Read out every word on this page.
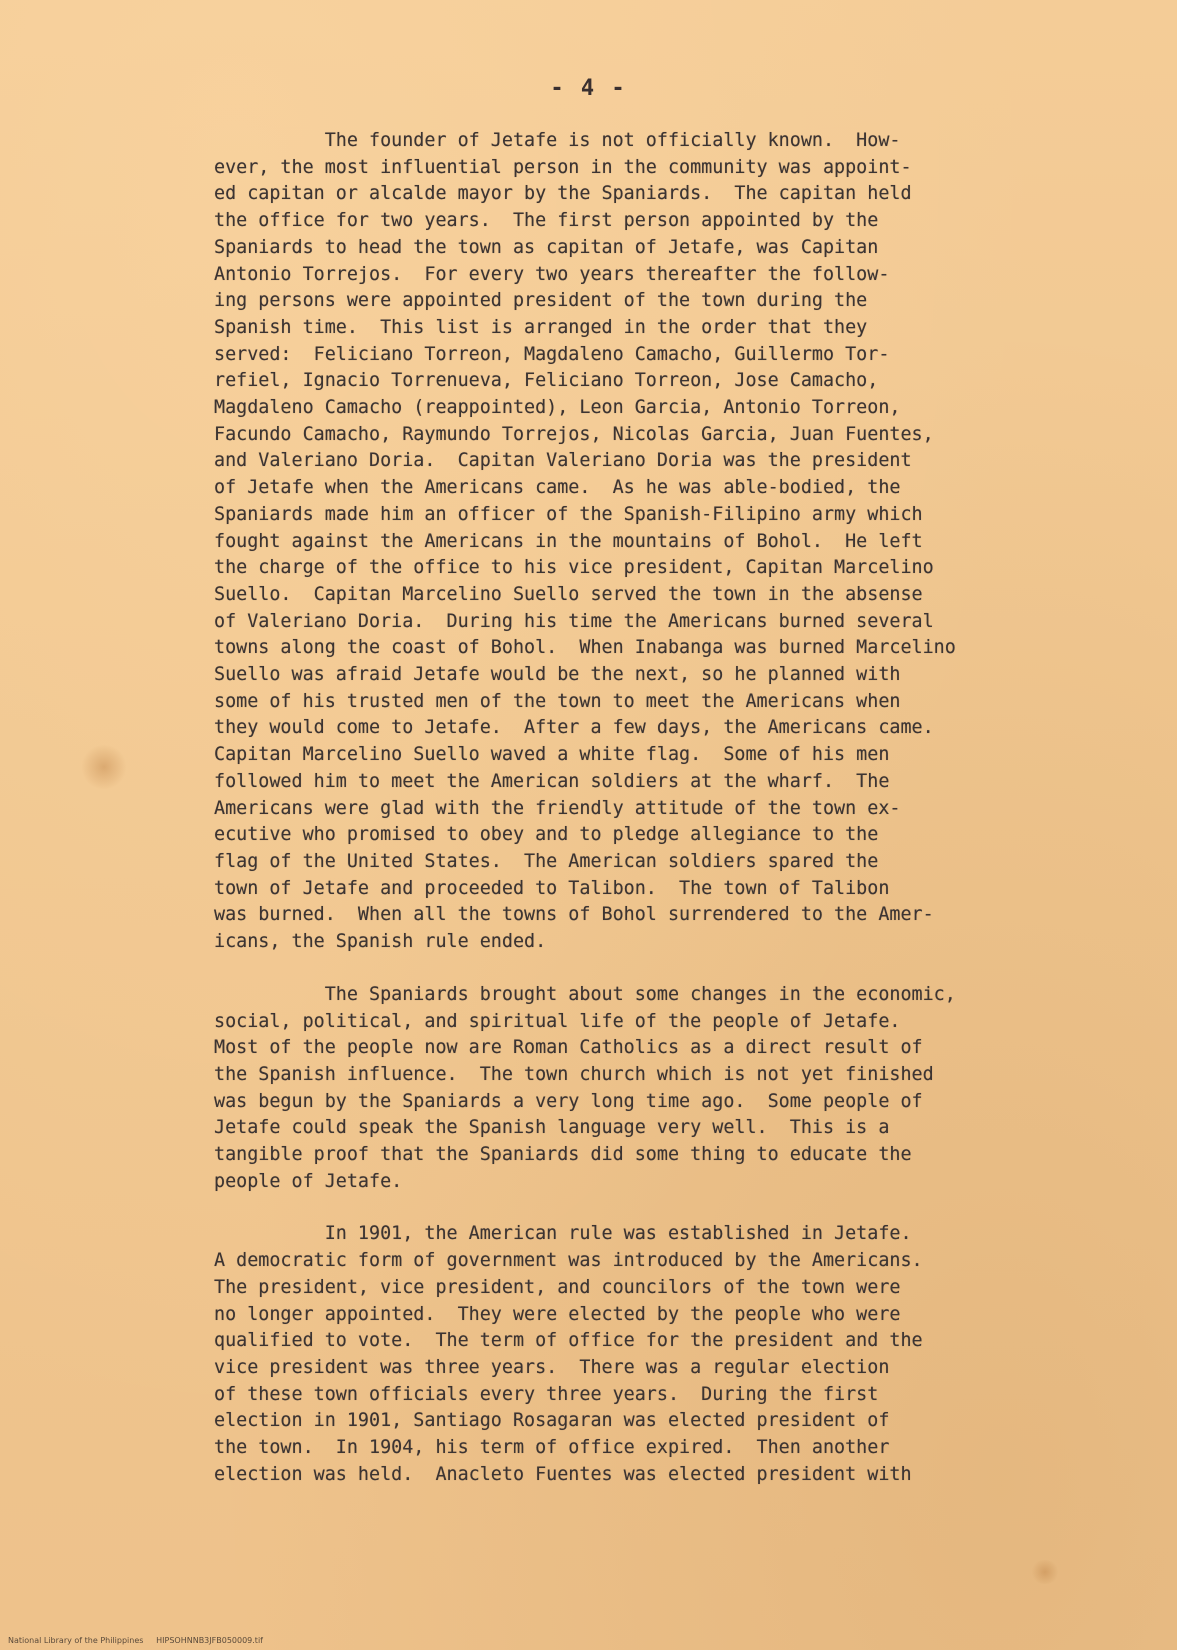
- 4 -

The founder of Jetafe is not officially known.  How-
ever, the most influential person in the community was appoint-
ed capitan or alcalde mayor by the Spaniards.  The capitan held
the office for two years.  The first person appointed by the
Spaniards to head the town as capitan of Jetafe, was Capitan
Antonio Torrejos.  For every two years thereafter the follow-
ing persons were appointed president of the town during the
Spanish time.  This list is arranged in the order that they
served:  Feliciano Torreon, Magdaleno Camacho, Guillermo Tor-
refiel, Ignacio Torrenueva, Feliciano Torreon, Jose Camacho,
Magdaleno Camacho (reappointed), Leon Garcia, Antonio Torreon,
Facundo Camacho, Raymundo Torrejos, Nicolas Garcia, Juan Fuentes,
and Valeriano Doria.  Capitan Valeriano Doria was the president
of Jetafe when the Americans came.  As he was able-bodied, the
Spaniards made him an officer of the Spanish-Filipino army which
fought against the Americans in the mountains of Bohol.  He left
the charge of the office to his vice president, Capitan Marcelino
Suello.  Capitan Marcelino Suello served the town in the absense
of Valeriano Doria.  During his time the Americans burned several
towns along the coast of Bohol.  When Inabanga was burned Marcelino
Suello was afraid Jetafe would be the next, so he planned with
some of his trusted men of the town to meet the Americans when
they would come to Jetafe.  After a few days, the Americans came.
Capitan Marcelino Suello waved a white flag.  Some of his men
followed him to meet the American soldiers at the wharf.  The
Americans were glad with the friendly attitude of the town ex-
ecutive who promised to obey and to pledge allegiance to the
flag of the United States.  The American soldiers spared the
town of Jetafe and proceeded to Talibon.  The town of Talibon
was burned.  When all the towns of Bohol surrendered to the Amer-
icans, the Spanish rule ended.

The Spaniards brought about some changes in the economic,
social, political, and spiritual life of the people of Jetafe.
Most of the people now are Roman Catholics as a direct result of
the Spanish influence.  The town church which is not yet finished
was begun by the Spaniards a very long time ago.  Some people of
Jetafe could speak the Spanish language very well.  This is a
tangible proof that the Spaniards did some thing to educate the
people of Jetafe.

In 1901, the American rule was established in Jetafe.
A democratic form of government was introduced by the Americans.
The president, vice president, and councilors of the town were
no longer appointed.  They were elected by the people who were
qualified to vote.  The term of office for the president and the
vice president was three years.  There was a regular election
of these town officials every three years.  During the first
election in 1901, Santiago Rosagaran was elected president of
the town.  In 1904, his term of office expired.  Then another
election was held.  Anacleto Fuentes was elected president with

National Library of the Philippines     HIPSOHNNB3JFB050009.tif
